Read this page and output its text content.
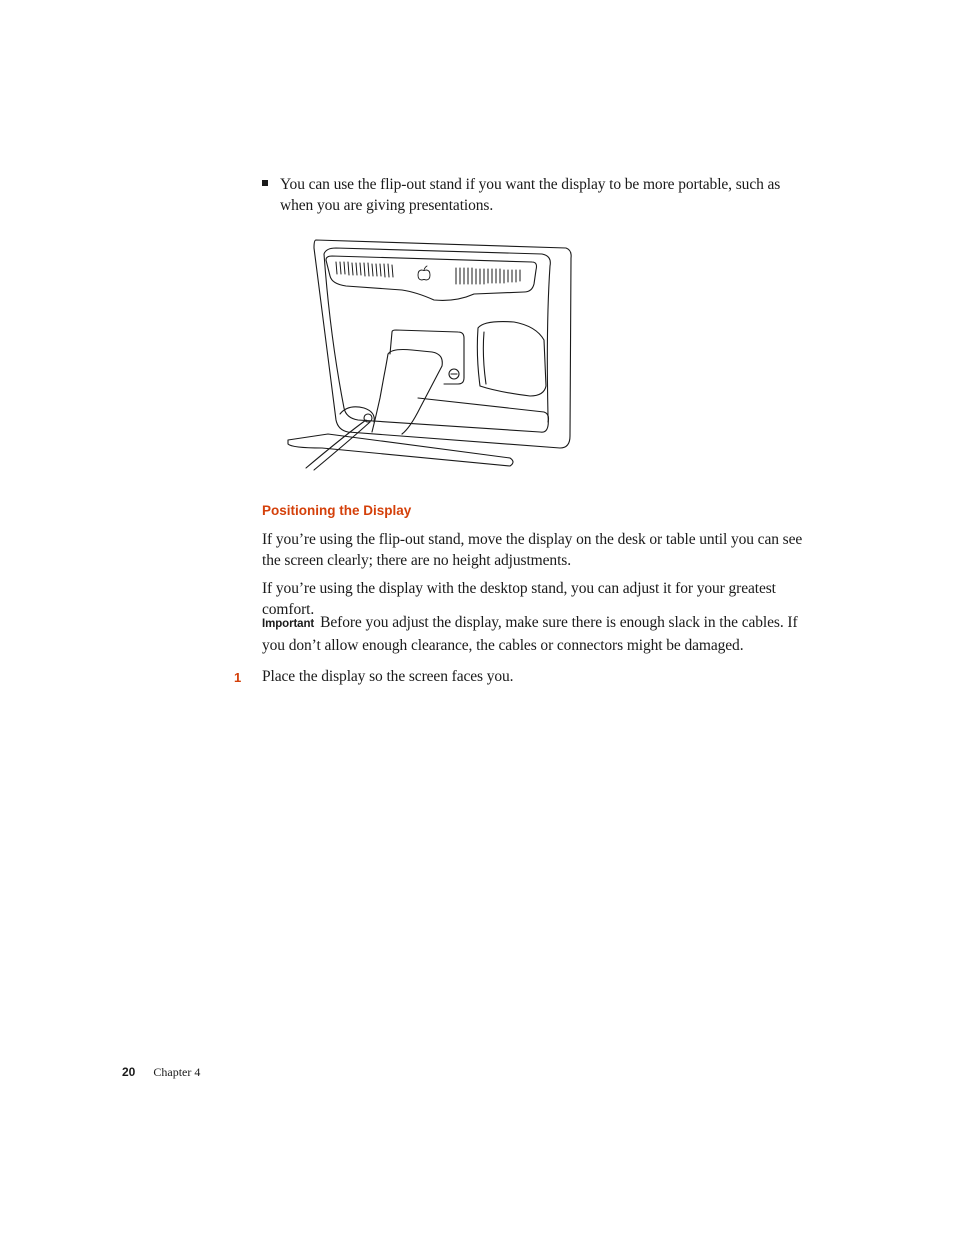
You can use the flip-out stand if you want the display to be more portable, such as when you are giving presentations.
Positioning the Display
If you’re using the flip-out stand, move the display on the desk or table until you can see the screen clearly; there are no height adjustments.
If you’re using the display with the desktop stand, you can adjust it for your greatest comfort.
Important Before you adjust the display, make sure there is enough slack in the cables. If you don’t allow enough clearance, the cables or connectors might be damaged.
1 Place the display so the screen faces you.
20 Chapter 4
